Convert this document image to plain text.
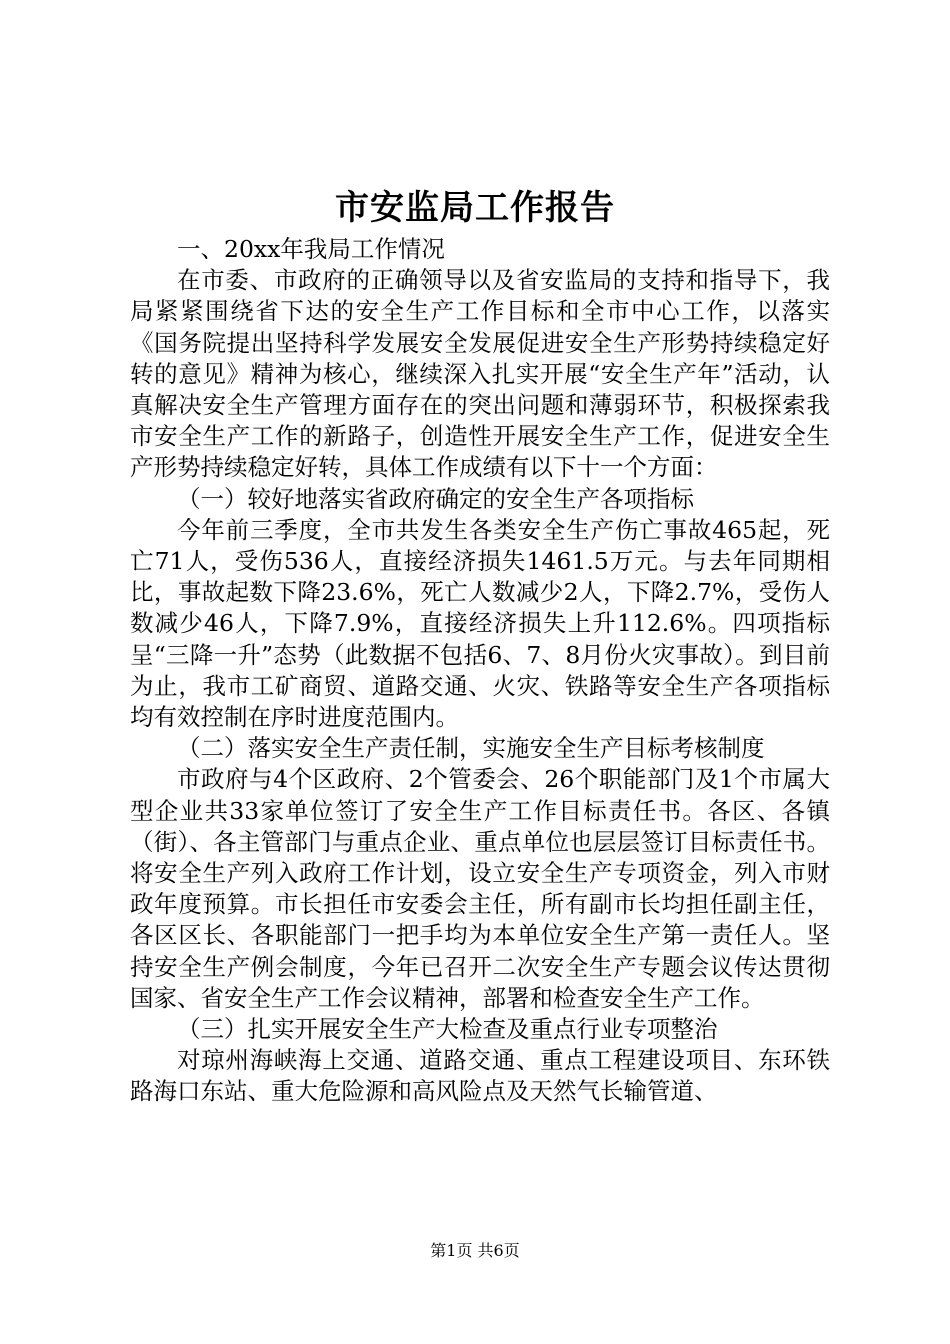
市安监局工作报告

一、20xx年我局工作情况

在市委、市政府的正确领导以及省安监局的支持和指导下，我局紧紧围绕省下达的安全生产工作目标和全市中心工作，以落实《国务院提出坚持科学发展安全发展促进安全生产形势持续稳定好转的意见》精神为核心，继续深入扎实开展“安全生产年”活动，认真解决安全生产管理方面存在的突出问题和薄弱环节，积极探索我市安全生产工作的新路子，创造性开展安全生产工作，促进安全生产形势持续稳定好转，具体工作成绩有以下十一个方面：

（一）较好地落实省政府确定的安全生产各项指标

今年前三季度，全市共发生各类安全生产伤亡事故465起，死亡71人，受伤536人，直接经济损失1461.5万元。与去年同期相比，事故起数下降23.6%，死亡人数减少2人，下降2.7%，受伤人数减少46人，下降7.9%，直接经济损失上升112.6%。四项指标呈“三降一升”态势（此数据不包括6、7、8月份火灾事故）。到目前为止，我市工矿商贸、道路交通、火灾、铁路等安全生产各项指标均有效控制在序时进度范围内。

（二）落实安全生产责任制，实施安全生产目标考核制度

市政府与4个区政府、2个管委会、26个职能部门及1个市属大型企业共33家单位签订了安全生产工作目标责任书。各区、各镇（街）、各主管部门与重点企业、重点单位也层层签订目标责任书。将安全生产列入政府工作计划，设立安全生产专项资金，列入市财政年度预算。市长担任市安委会主任，所有副市长均担任副主任，各区区长、各职能部门一把手均为本单位安全生产第一责任人。坚持安全生产例会制度，今年已召开二次安全生产专题会议传达贯彻国家、省安全生产工作会议精神，部署和检查安全生产工作。

（三）扎实开展安全生产大检查及重点行业专项整治

对琼州海峡海上交通、道路交通、重点工程建设项目、东环铁路海口东站、重大危险源和高风险点及天然气长输管道、

第1页 共6页
